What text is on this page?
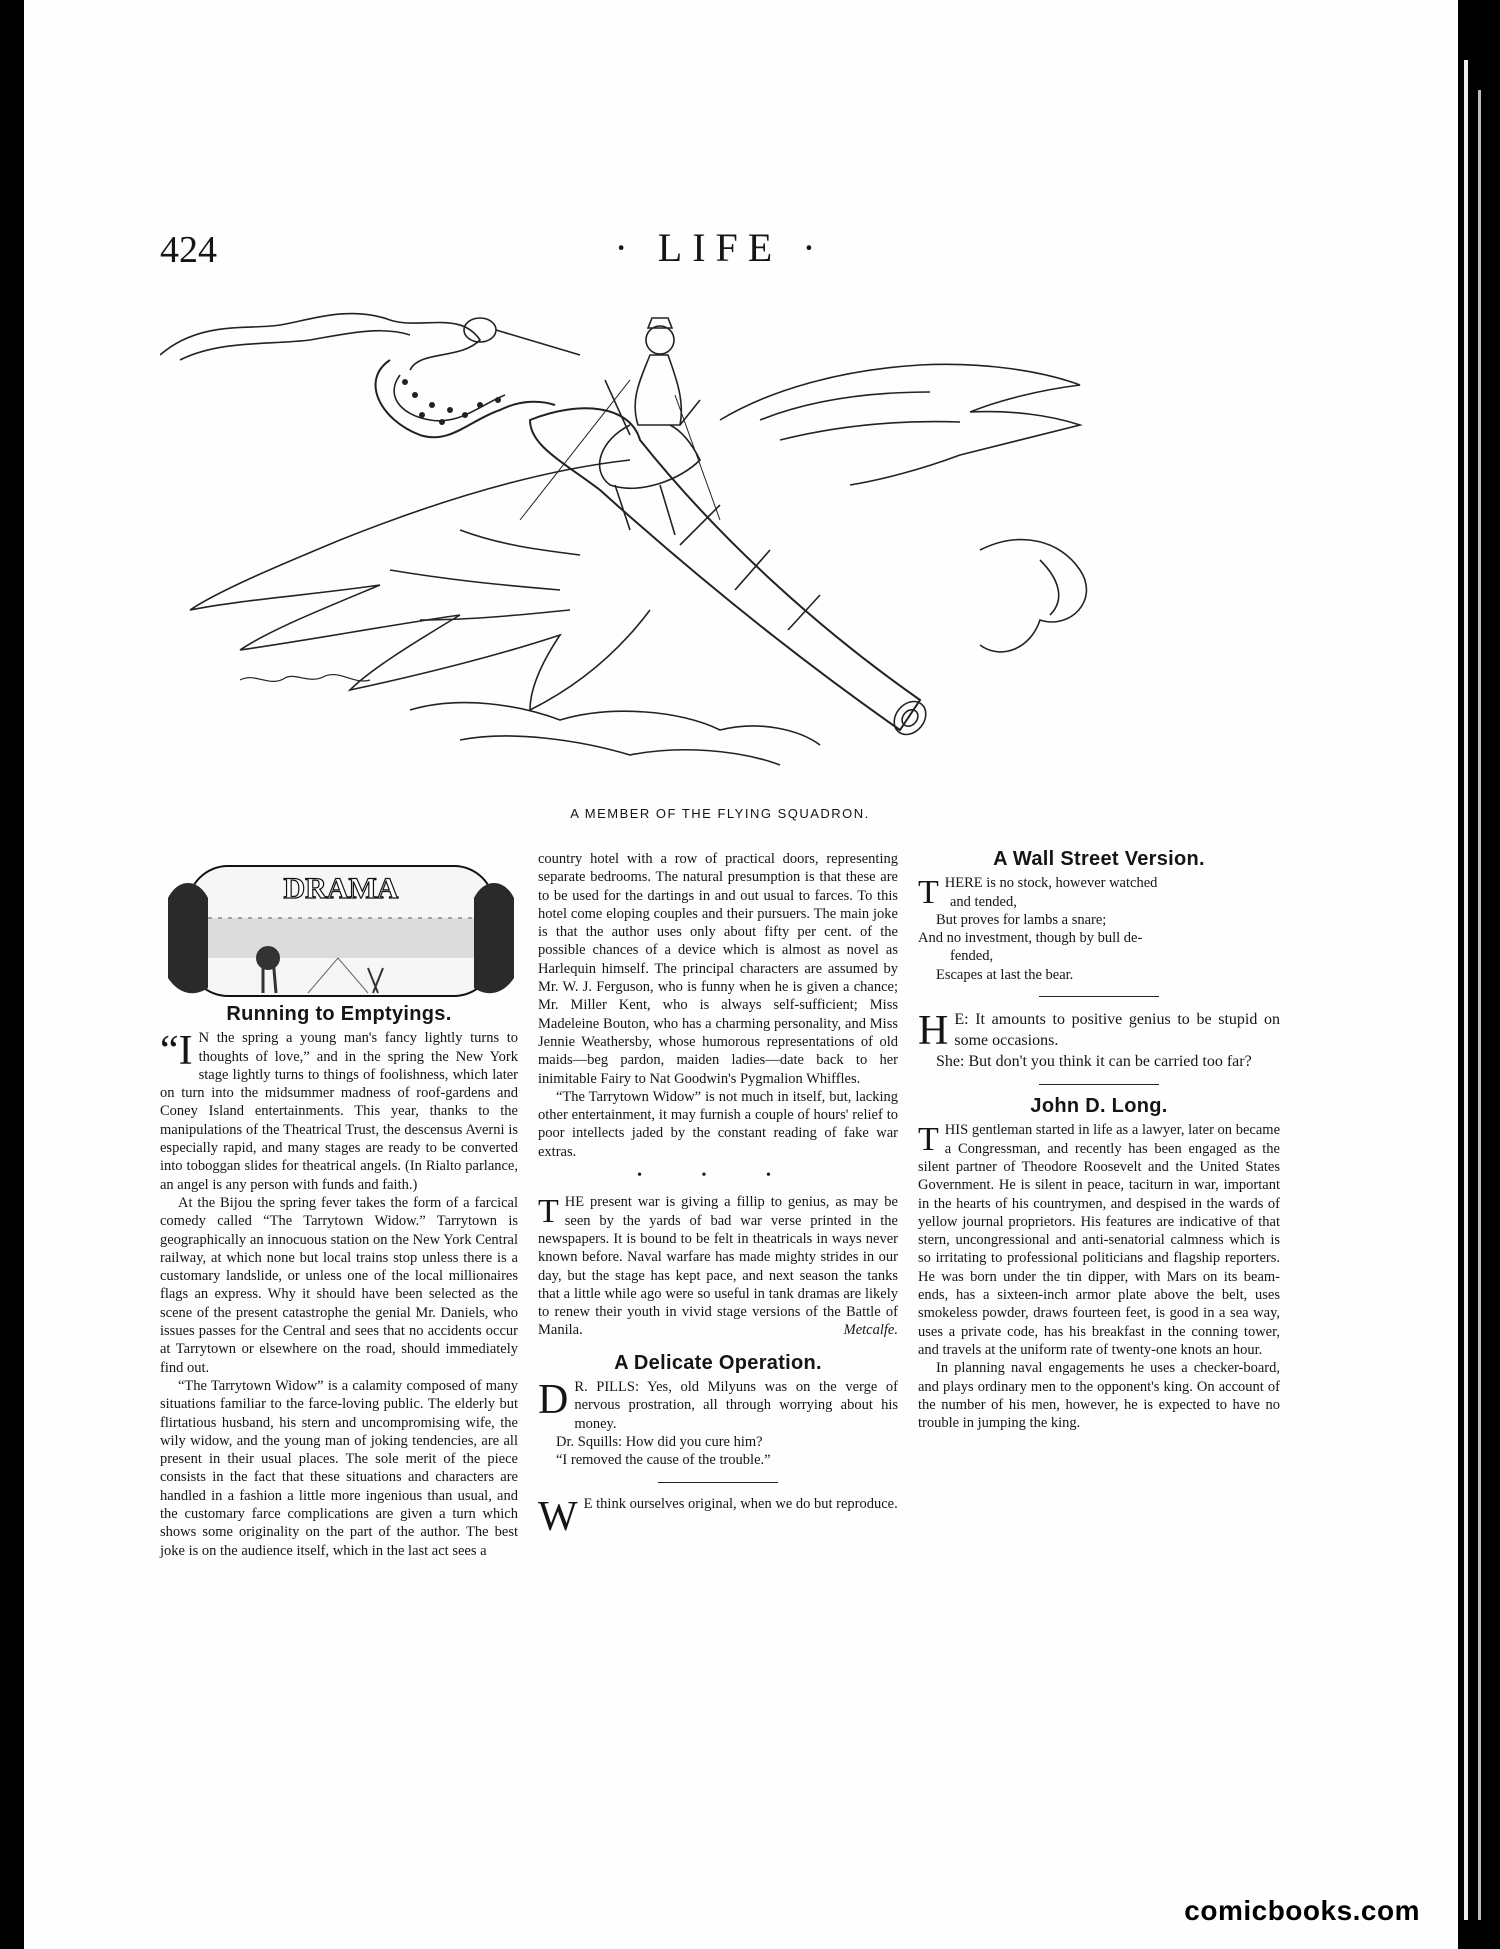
424	· LIFE ·
A MEMBER OF THE FLYING SQUADRON.
DRAMA
Running to Emptyings.

“I N the spring a young man's fancy lightly turns to thoughts of love,” and in the spring the New York stage lightly turns to things of foolishness, which later on turn into the midsummer madness of roof-gardens and Coney Island entertainments. This year, thanks to the manipulations of the Theatrical Trust, the descensus Averni is especially rapid, and many stages are ready to be converted into toboggan slides for theatrical angels. (In Rialto parlance, an angel is any person with funds and faith.)

At the Bijou the spring fever takes the form of a farcical comedy called “The Tarrytown Widow.” Tarrytown is geographically an innocuous station on the New York Central railway, at which none but local trains stop unless there is a customary landslide, or unless one of the local millionaires flags an express. Why it should have been selected as the scene of the present catastrophe the genial Mr. Daniels, who issues passes for the Central and sees that no accidents occur at Tarrytown or elsewhere on the road, should immediately find out.

“The Tarrytown Widow” is a calamity composed of many situations familiar to the farce-loving public. The elderly but flirtatious husband, his stern and uncompromising wife, the wily widow, and the young man of joking tendencies, are all present in their usual places. The sole merit of the piece consists in the fact that these situations and characters are handled in a fashion a little more ingenious than usual, and the customary farce complications are given a turn which shows some originality on the part of the author. The best joke is on the audience itself, which in the last act sees a

country hotel with a row of practical doors, representing separate bedrooms. The natural presumption is that these are to be used for the dartings in and out usual to farces. To this hotel come eloping couples and their pursuers. The main joke is that the author uses only about fifty per cent. of the possible chances of a device which is almost as novel as Harlequin himself. The principal characters are assumed by Mr. W. J. Ferguson, who is funny when he is given a chance; Mr. Miller Kent, who is always self-sufficient; Miss Madeleine Bouton, who has a charming personality, and Miss Jennie Weathersby, whose humorous representations of old maids—beg pardon, maiden ladies—date back to her inimitable Fairy to Nat Goodwin's Pygmalion Whiffles.

“The Tarrytown Widow” is not much in itself, but, lacking other entertainment, it may furnish a couple of hours' relief to poor intellects jaded by the constant reading of fake war extras.

• • •

THE present war is giving a fillip to genius, as may be seen by the yards of bad war verse printed in the newspapers. It is bound to be felt in theatricals in ways never known before. Naval warfare has made mighty strides in our day, but the stage has kept pace, and next season the tanks that a little while ago were so useful in tank dramas are likely to renew their youth in vivid stage versions of the Battle of Manila.	Metcalfe.

A Delicate Operation.

D R. PILLS: Yes, old Milyuns was on the verge of nervous prostration, all through worrying about his money.

Dr. Squills: How did you cure him?

“I removed the cause of the trouble.”

W E think ourselves original, when we do but reproduce.

A Wall Street Version.

THERE is no stock, however watched

and tended,

But proves for lambs a snare;

And no investment, though by bull de-

fended,

Escapes at last the bear.

H E: It amounts to positive genius to be stupid on some occasions.

She: But don't you think it can be carried too far?

John D. Long.

THIS gentleman started in life as a lawyer, later on became a Congressman, and recently has been engaged as the silent partner of Theodore Roosevelt and the United States Government. He is silent in peace, taciturn in war, important in the hearts of his countrymen, and despised in the wards of yellow journal proprietors. His features are indicative of that stern, uncongressional and anti-senatorial calmness which is so irritating to professional politicians and flagship reporters. He was born under the tin dipper, with Mars on its beam-ends, has a sixteen-inch armor plate above the belt, uses smokeless powder, draws fourteen feet, is good in a sea way, uses a private code, has his breakfast in the conning tower, and travels at the uniform rate of twenty-one knots an hour.

In planning naval engagements he uses a checker-board, and plays ordinary men to the opponent's king. On account of the number of his men, however, he is expected to have no trouble in jumping the king.

comicbooks.com
